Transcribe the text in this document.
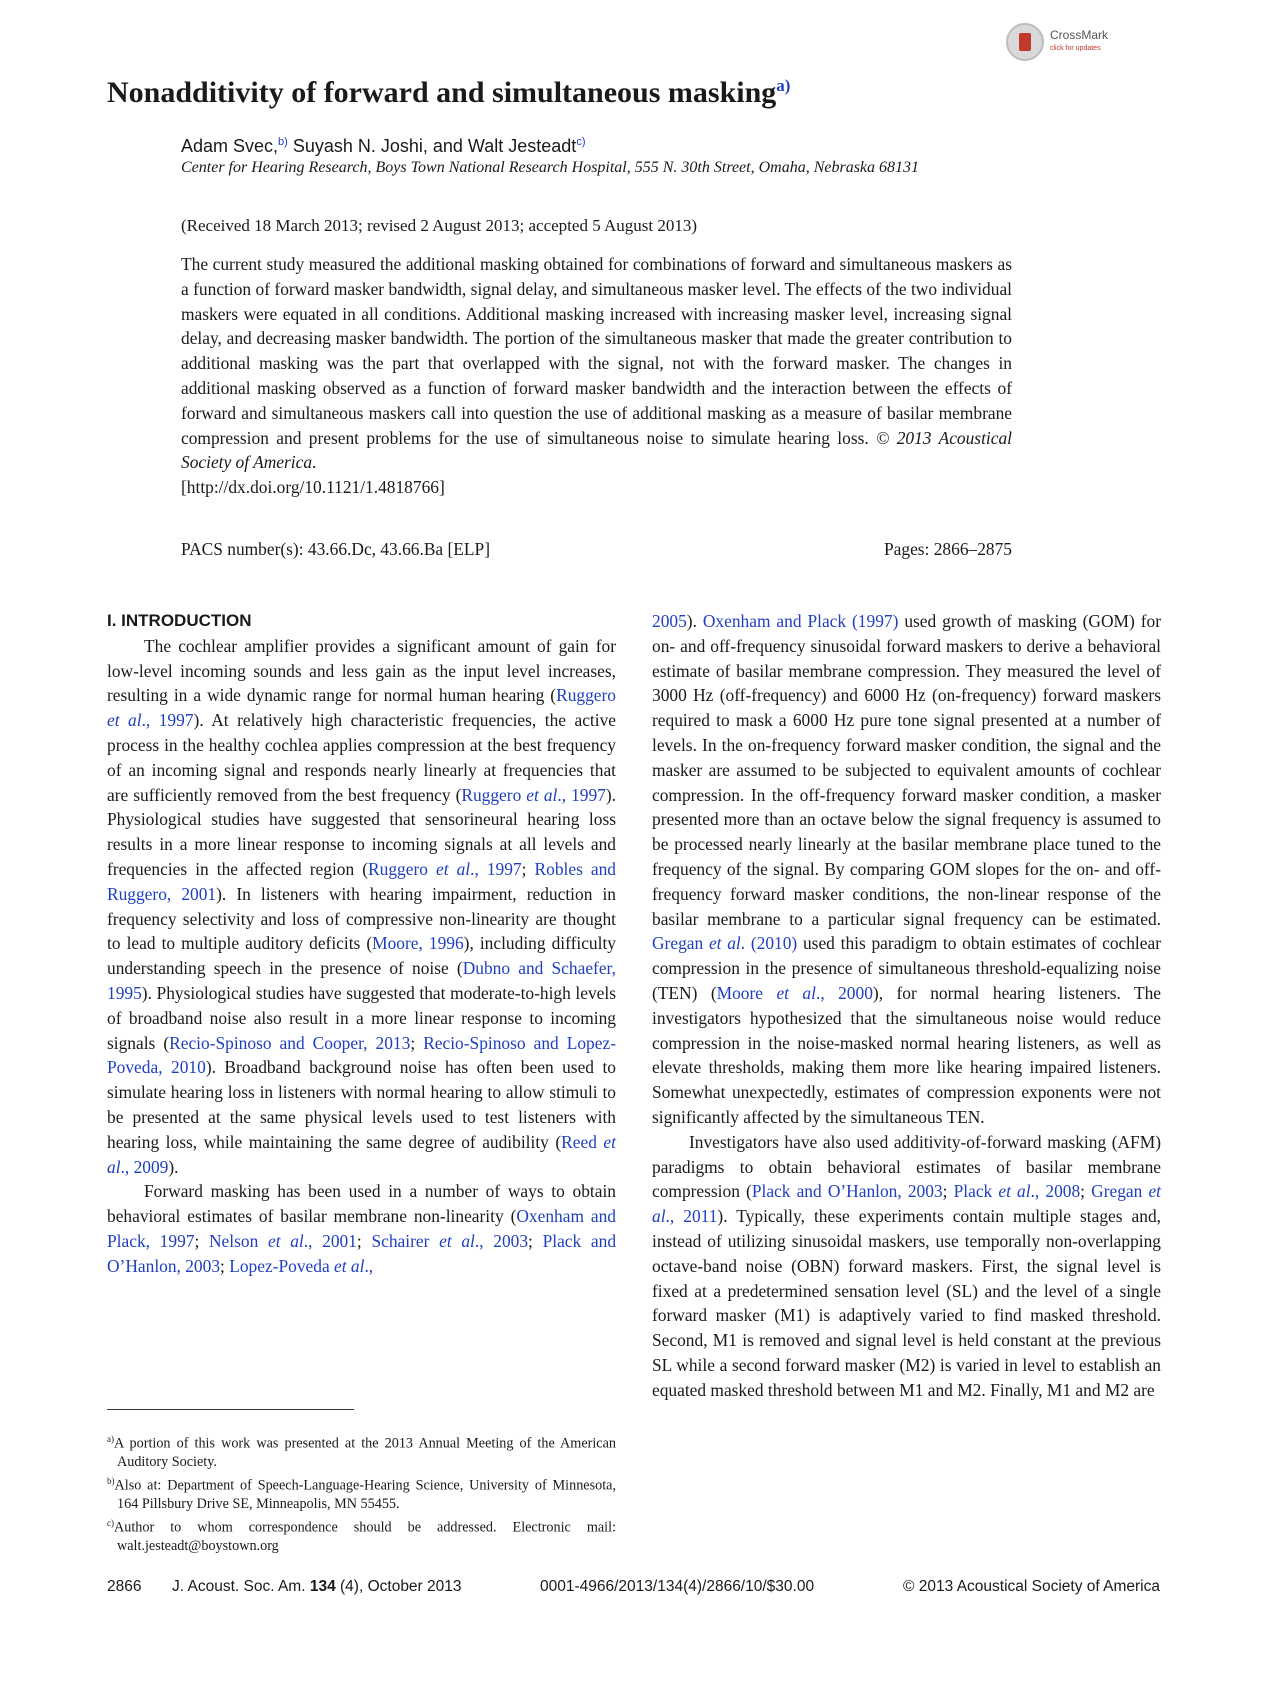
CrossMark
click for updates
Nonadditivity of forward and simultaneous masking$^{a)}$
Adam Svec,$^{b)}$ Suyash N. Joshi, and Walt Jesteadt$^{c)}$
Center for Hearing Research, Boys Town National Research Hospital, 555 N. 30th Street, Omaha, Nebraska 68131
(Received 18 March 2013; revised 2 August 2013; accepted 5 August 2013)
The current study measured the additional masking obtained for combinations of forward and simultaneous maskers as a function of forward masker bandwidth, signal delay, and simultaneous masker level. The effects of the two individual maskers were equated in all conditions. Additional masking increased with increasing masker level, increasing signal delay, and decreasing masker bandwidth. The portion of the simultaneous masker that made the greater contribution to additional masking was the part that overlapped with the signal, not with the forward masker. The changes in additional masking observed as a function of forward masker bandwidth and the interaction between the effects of forward and simultaneous maskers call into question the use of additional masking as a measure of basilar membrane compression and present problems for the use of simultaneous noise to simulate hearing loss. © 2013 Acoustical Society of America.
[http://dx.doi.org/10.1121/1.4818766]
PACS number(s): 43.66.Dc, 43.66.Ba [ELP]	Pages: 2866–2875

I. INTRODUCTION

The cochlear amplifier provides a significant amount of gain for low-level incoming sounds and less gain as the input level increases, resulting in a wide dynamic range for normal human hearing (Ruggero et al., 1997). At relatively high characteristic frequencies, the active process in the healthy cochlea applies compression at the best frequency of an incoming signal and responds nearly linearly at frequencies that are sufficiently removed from the best frequency (Ruggero et al., 1997). Physiological studies have suggested that sensorineural hearing loss results in a more linear response to incoming signals at all levels and frequencies in the affected region (Ruggero et al., 1997; Robles and Ruggero, 2001). In listeners with hearing impairment, reduction in frequency selectivity and loss of compressive non-linearity are thought to lead to multiple auditory deficits (Moore, 1996), including difficulty understanding speech in the presence of noise (Dubno and Schaefer, 1995). Physiological studies have suggested that moderate-to-high levels of broadband noise also result in a more linear response to incoming signals (Recio-Spinoso and Cooper, 2013; Recio-Spinoso and Lopez-Poveda, 2010). Broadband background noise has often been used to simulate hearing loss in listeners with normal hearing to allow stimuli to be presented at the same physical levels used to test listeners with hearing loss, while maintaining the same degree of audibility (Reed et al., 2009).

Forward masking has been used in a number of ways to obtain behavioral estimates of basilar membrane non-linearity (Oxenham and Plack, 1997; Nelson et al., 2001; Schairer et al., 2003; Plack and O’Hanlon, 2003; Lopez-Poveda et al.,

2005). Oxenham and Plack (1997) used growth of masking (GOM) for on- and off-frequency sinusoidal forward maskers to derive a behavioral estimate of basilar membrane compression. They measured the level of 3000 Hz (off-frequency) and 6000 Hz (on-frequency) forward maskers required to mask a 6000 Hz pure tone signal presented at a number of levels. In the on-frequency forward masker condition, the signal and the masker are assumed to be subjected to equivalent amounts of cochlear compression. In the off-frequency forward masker condition, a masker presented more than an octave below the signal frequency is assumed to be processed nearly linearly at the basilar membrane place tuned to the frequency of the signal. By comparing GOM slopes for the on- and off-frequency forward masker conditions, the non-linear response of the basilar membrane to a particular signal frequency can be estimated. Gregan et al. (2010) used this paradigm to obtain estimates of cochlear compression in the presence of simultaneous threshold-equalizing noise (TEN) (Moore et al., 2000), for normal hearing listeners. The investigators hypothesized that the simultaneous noise would reduce compression in the noise-masked normal hearing listeners, as well as elevate thresholds, making them more like hearing impaired listeners. Somewhat unexpectedly, estimates of compression exponents were not significantly affected by the simultaneous TEN.

Investigators have also used additivity-of-forward masking (AFM) paradigms to obtain behavioral estimates of basilar membrane compression (Plack and O’Hanlon, 2003; Plack et al., 2008; Gregan et al., 2011). Typically, these experiments contain multiple stages and, instead of utilizing sinusoidal maskers, use temporally non-overlapping octave-band noise (OBN) forward maskers. First, the signal level is fixed at a predetermined sensation level (SL) and the level of a single forward masker (M1) is adaptively varied to find masked threshold. Second, M1 is removed and signal level is held constant at the previous SL while a second forward masker (M2) is varied in level to establish an equated masked threshold between M1 and M2. Finally, M1 and M2 are

$^{a)}$A portion of this work was presented at the 2013 Annual Meeting of the American Auditory Society.
$^{b)}$Also at: Department of Speech-Language-Hearing Science, University of Minnesota, 164 Pillsbury Drive SE, Minneapolis, MN 55455.
$^{c)}$Author to whom correspondence should be addressed. Electronic mail: walt.jesteadt@boystown.org
2866 J. Acoust. Soc. Am. 134 (4), October 2013	0001-4966/2013/134(4)/2866/10/$30.00	© 2013 Acoustical Society of America
